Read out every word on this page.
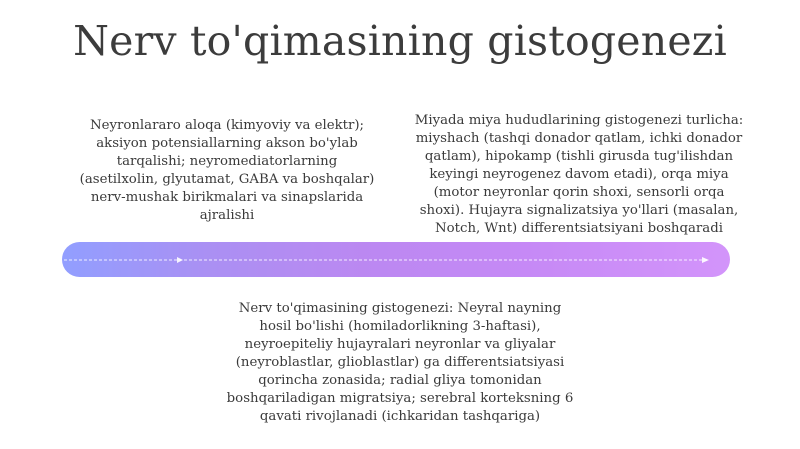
Nerv to'qimasining gistogenezi
Neyronlararo aloqa (kimyoviy va elektr); aksiyon potensiallarning akson bo'ylab tarqalishi; neyromediatorlarning (asetilxolin, glyutamat, GABA va boshqalar) nerv-mushak birikmalari va sinapslarida ajralishi
Miyada miya hududlarining gistogenezi turlicha: miyshach (tashqi donador qatlam, ichki donador qatlam), hipokamp (tishli girusda tug'ilishdan keyingi neyrogenez davom etadi), orqa miya (motor neyronlar qorin shoxi, sensorli orqa shoxi). Hujayra signalizatsiya yo'llari (masalan, Notch, Wnt) differentsiatsiyani boshqaradi
Nerv to'qimasining gistogenezi: Neyral nayning hosil bo'lishi (homiladorlikning 3-haftasi), neyroepiteliy hujayralari neyronlar va gliyalar (neyroblastlar, glioblastlar) ga differentsiatsiyasi qorincha zonasida; radial gliya tomonidan boshqariladigan migratsiya; serebral korteksning 6 qavati rivojlanadi (ichkaridan tashqariga)
